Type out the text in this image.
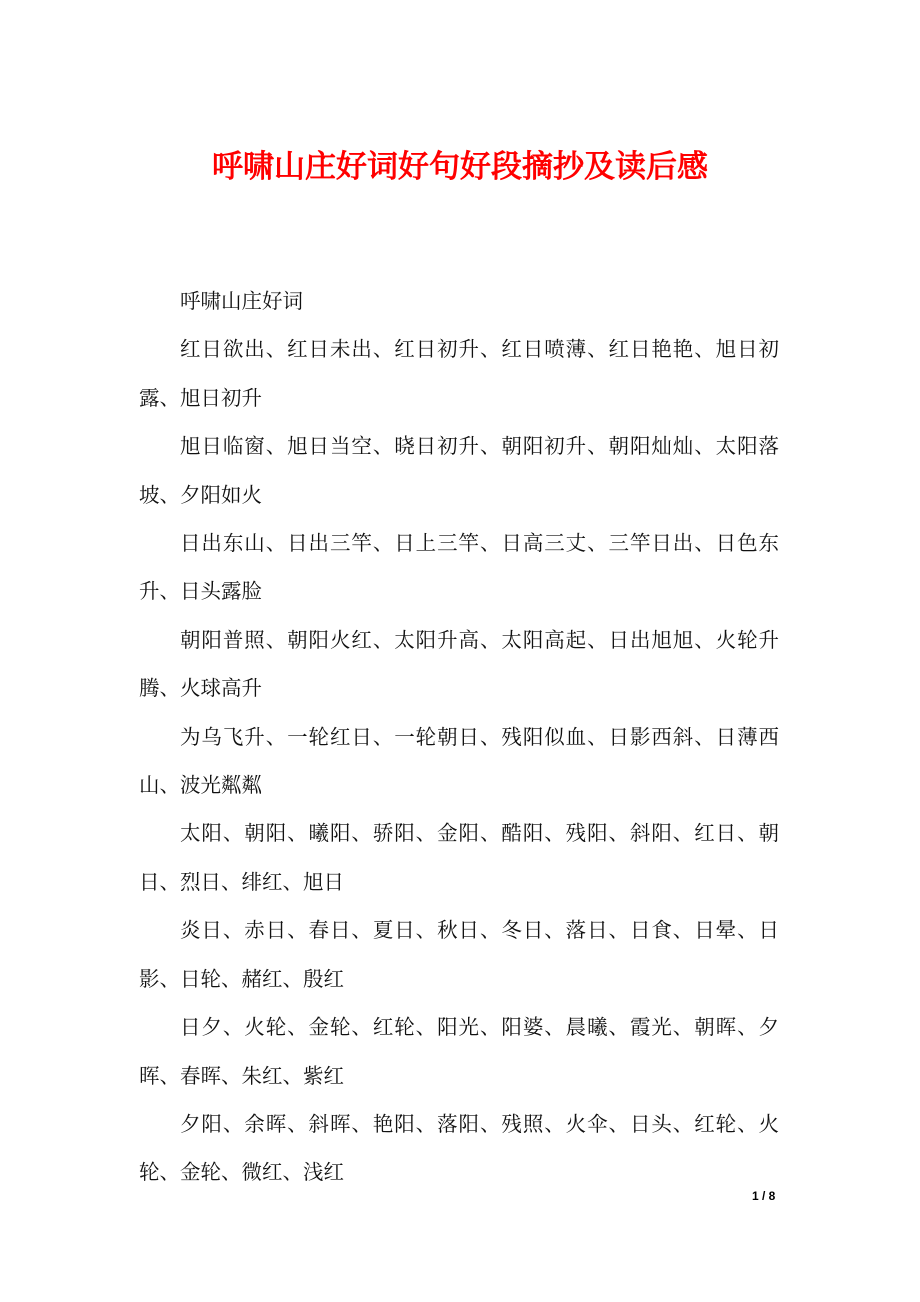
呼啸山庄好词好句好段摘抄及读后感

呼啸山庄好词

红日欲出、红日未出、红日初升、红日喷薄、红日艳艳、旭日初露、旭日初升

旭日临窗、旭日当空、晓日初升、朝阳初升、朝阳灿灿、太阳落坡、夕阳如火

日出东山、日出三竿、日上三竿、日高三丈、三竿日出、日色东升、日头露脸

朝阳普照、朝阳火红、太阳升高、太阳高起、日出旭旭、火轮升腾、火球高升

为乌飞升、一轮红日、一轮朝日、残阳似血、日影西斜、日薄西山、波光粼粼

太阳、朝阳、曦阳、骄阳、金阳、酷阳、残阳、斜阳、红日、朝日、烈日、绯红、旭日

炎日、赤日、春日、夏日、秋日、冬日、落日、日食、日晕、日影、日轮、赭红、殷红

日夕、火轮、金轮、红轮、阳光、阳婆、晨曦、霞光、朝晖、夕晖、春晖、朱红、紫红

夕阳、余晖、斜晖、艳阳、落阳、残照、火伞、日头、红轮、火轮、金轮、微红、浅红

1 / 8
